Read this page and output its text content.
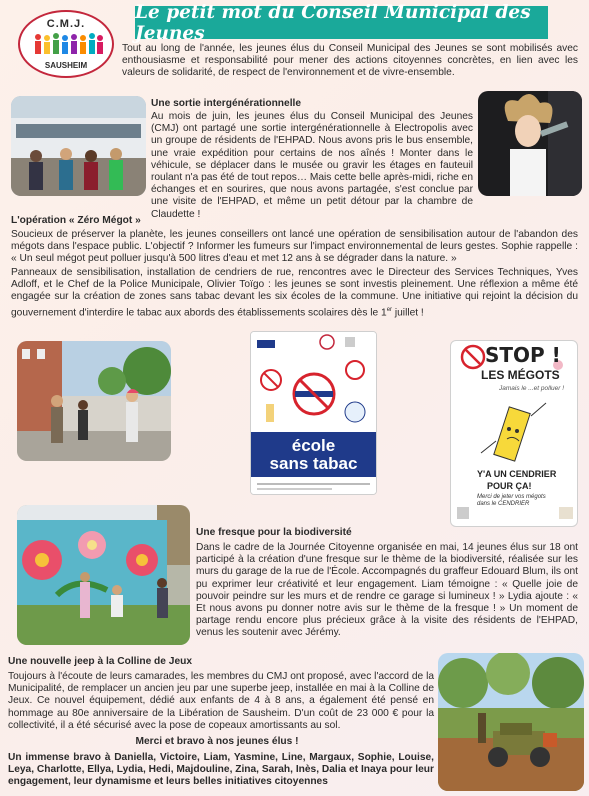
C.M.J.
SAUSHEIM
Le petit mot du Conseil Municipal des Jeunes
Tout au long de l'année, les jeunes élus du Conseil Municipal des Jeunes se sont mobilisés avec enthousiasme et responsabilité pour mener des actions citoyennes concrètes, en lien avec les valeurs de solidarité, de respect de l'environnement et de vivre-ensemble.
Une sortie intergénérationnelle
Au mois de juin, les jeunes élus du Conseil Municipal des Jeunes (CMJ) ont partagé une sortie intergénérationnelle à Electropolis avec un groupe de résidents de l'EHPAD. Nous avons pris le bus ensemble, une vraie expédition pour certains de nos aînés ! Monter dans le véhicule, se déplacer dans le musée ou gravir les étages en fauteuil roulant n'a pas été de tout repos… Mais cette belle après-midi, riche en échanges et en sourires, que nous avons partagée, s'est conclue par une visite de l'EHPAD, et même un petit détour par la chambre de Claudette !
L'opération « Zéro Mégot »
Soucieux de préserver la planète, les jeunes conseillers ont lancé une opération de sensibilisation autour de l'abandon des mégots dans l'espace public. L'objectif ? Informer les fumeurs sur l'impact environnemental de leurs gestes. Sophie rappelle : « Un seul mégot peut polluer jusqu'à 500 litres d'eau et met 12 ans à se dégrader dans la nature. »
Panneaux de sensibilisation, installation de cendriers de rue, rencontres avec le Directeur des Services Techniques, Yves Adloff, et le Chef de la Police Municipale, Olivier Toïgo : les jeunes se sont investis pleinement. Une réflexion a même été engagée sur la création de zones sans tabac devant les six écoles de la commune. Une initiative qui rejoint la décision du gouvernement d'interdire le tabac aux abords des établissements scolaires dès le 1er juillet !
école
sans tabac
STOP !
LES MÉGOTS
Jamais le ...et polluer !
Y'A UN CENDRIER
POUR ÇA!
Merci de jeter vos mégots dans le CENDRIER
Une fresque pour la biodiversité
Dans le cadre de la Journée Citoyenne organisée en mai, 14 jeunes élus sur 18 ont participé à la création d'une fresque sur le thème de la biodiversité, réalisée sur les murs du garage de la rue de l'École. Accompagnés du graffeur Edouard Blum, ils ont pu exprimer leur créativité et leur engagement. Liam témoigne : « Quelle joie de pouvoir peindre sur les murs et de rendre ce garage si lumineux ! » Lydia ajoute : « Et nous avons pu donner notre avis sur le thème de la fresque ! » Un moment de partage rendu encore plus précieux grâce à la visite des résidents de l'EHPAD, venus les soutenir avec Jérémy.
Une nouvelle jeep à la Colline de Jeux
Toujours à l'écoute de leurs camarades, les membres du CMJ ont proposé, avec l'accord de la Municipalité, de remplacer un ancien jeu par une superbe jeep, installée en mai à la Colline de Jeux. Ce nouvel équipement, dédié aux enfants de 4 à 8 ans, a également été pensé en hommage au 80e anniversaire de la Libération de Sausheim. D'un coût de 23 000 € pour la collectivité, il a été sécurisé avec la pose de copeaux amortissants au sol.
Merci et bravo à nos jeunes élus !
Un immense bravo à Daniella, Victoire, Liam, Yasmine, Line, Margaux, Sophie, Louise, Leya, Charlotte, Ellya, Lydia, Hedi, Majdouline, Zina, Sarah, Inès, Dalia et Inaya pour leur engagement, leur dynamisme et leurs belles initiatives citoyennes
